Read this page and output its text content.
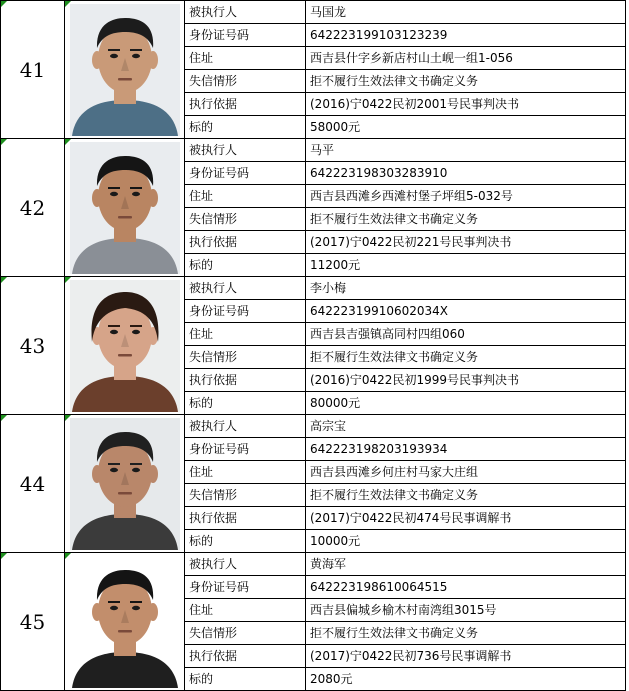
41		被执行人	马国龙
		身份证号码	642223199103123239
		住址	西吉县什字乡新店村山土岘一组1-056
		失信情形	拒不履行生效法律文书确定义务
		执行依据	(2016)宁0422民初2001号民事判决书
		标的	58000元
42		被执行人	马平
		身份证号码	642223198303283910
		住址	西吉县西滩乡西滩村堡子坪组5-032号
		失信情形	拒不履行生效法律文书确定义务
		执行依据	(2017)宁0422民初221号民事判决书
		标的	11200元
43		被执行人	李小梅
		身份证号码	64222319910602034X
		住址	西吉县吉强镇高同村四组060
		失信情形	拒不履行生效法律文书确定义务
		执行依据	(2016)宁0422民初1999号民事判决书
		标的	80000元
44		被执行人	高宗宝
		身份证号码	642223198203193934
		住址	西吉县西滩乡何庄村马家大庄组
		失信情形	拒不履行生效法律文书确定义务
		执行依据	(2017)宁0422民初474号民事调解书
		标的	10000元
45		被执行人	黄海军
		身份证号码	642223198610064515
		住址	西吉县偏城乡榆木村南湾组3015号
		失信情形	拒不履行生效法律文书确定义务
		执行依据	(2017)宁0422民初736号民事调解书
		标的	2080元
